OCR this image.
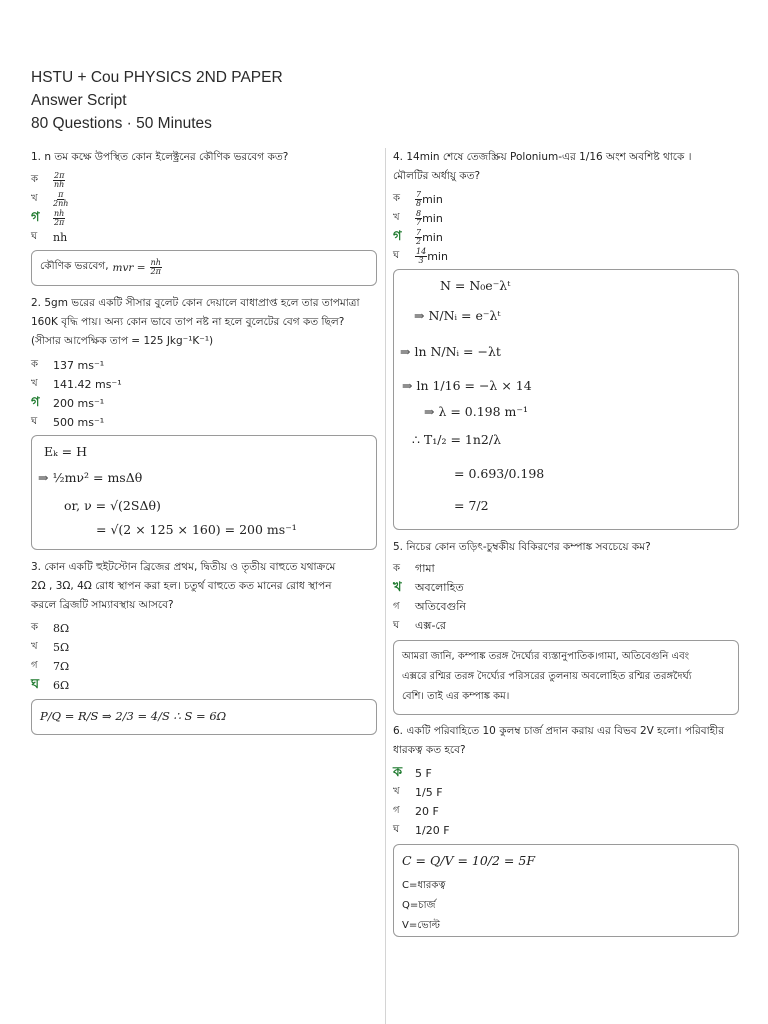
HSTU + Cou PHYSICS 2ND PAPER
Answer Script
80 Questions · 50 Minutes
1. n তম কক্ষে উপস্থিত কোন ইলেক্ট্রনের কৌণিক ভরবেগ কত?
ক	$\frac{2\pi}{nh}$
খ	$\frac{\pi}{2nh}$
গ	$\frac{nh}{2\pi}$
ঘ	nh
কৌণিক ভরবেগ, mvr = $\frac{nh}{2\pi}$
2. 5gm ভরের একটি সীসার বুলেট কোন দেয়ালে বাধাপ্রাপ্ত হলে তার তাপমাত্রা
160K বৃদ্ধি পায়। অন্য কোন ভাবে তাপ নষ্ট না হলে বুলেটের বেগ কত ছিল?
(সীসার আপেক্ষিক তাপ = 125 Jkg⁻¹K⁻¹)
ক	137 ms⁻¹
খ	141.42 ms⁻¹
গ	200 ms⁻¹
ঘ	500 ms⁻¹
Eₖ = H
⇒ ½mν² = msΔθ
or, ν = √(2SΔθ)
= √(2 × 125 × 160) = 200 ms⁻¹
3. কোন একটি হুইটস্টোন ব্রিজের প্রথম, দ্বিতীয় ও তৃতীয় বাহুতে যথাক্রমে
2Ω , 3Ω, 4Ω রোধ স্থাপন করা হল। চতুর্থ বাহুতে কত মানের রোধ স্থাপন
করলে ব্রিজটি সাম্যাবস্থায় আসবে?
ক	8Ω
খ	5Ω
গ	7Ω
ঘ	6Ω
P/Q = R/S ⇒ 2/3 = 4/S ∴ S = 6Ω
4. 14min শেষে তেজস্ক্রিয় Polonium-এর 1/16 অংশ অবশিষ্ট থাকে ।
মৌলটির অর্ধায়ু কত?
ক	$\frac{7}{8}$ min
খ	$\frac{8}{7}$ min
গ	$\frac{7}{2}$ min
ঘ	$\frac{14}{3}$ min
N = N₀e⁻λᵗ
⇒ N/Nᵢ = e⁻λᵗ
⇒ ln N/Nᵢ = −λt
⇒ ln 1/16 = −λ × 14
⇒ λ = 0.198 m⁻¹
∴ T₁/₂ = 1n2/λ
= 0.693/0.198
= 7/2
5. নিচের কোন তড়িৎ-চুম্বকীয় বিকিরণের কম্পাঙ্ক সবচেয়ে কম?
ক	গামা
খ	অবলোহিত
গ	অতিবেগুনি
ঘ	এক্স-রে
আমরা জানি, কম্পাঙ্ক তরঙ্গ দৈর্ঘ্যের ব্যস্তানুপাতিক।গামা, অতিবেগুনি এবং
এক্সরে রশ্মির তরঙ্গ দৈর্ঘ্যের পরিসরের তুলনায় অবলোহিত রশ্মির তরঙ্গদৈর্ঘ্য
বেশি। তাই এর কম্পাঙ্ক কম।
6. একটি পরিবাহিতে 10 কুলম্ব চার্জ প্রদান করায় এর বিভব 2V হলো। পরিবাহীর
ধারকত্ব কত হবে?
ক	5 F
খ	1/5 F
গ	20 F
ঘ	1/20 F
C = Q/V = 10/2 = 5F
C=ধারকত্ব
Q=চার্জ
V=ভোল্ট
